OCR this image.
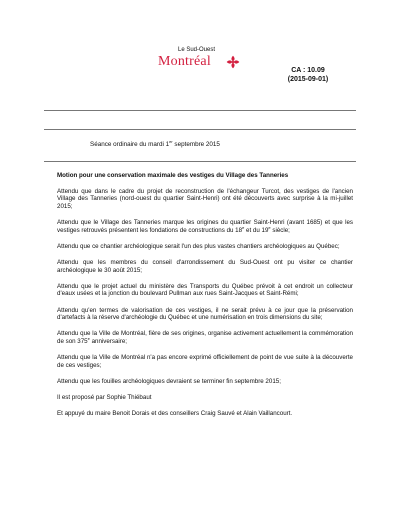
Le Sud-Ouest
Montréal
CA : 10.09
(2015-09-01)
Séance ordinaire du mardi 1er septembre 2015

Motion pour une conservation maximale des vestiges du Village des Tanneries

Attendu que dans le cadre du projet de reconstruction de l'échangeur Turcot, des vestiges de l'ancien Village des Tanneries (nord-ouest du quartier Saint-Henri) ont été découverts avec surprise à la mi-juillet 2015;

Attendu que le Village des Tanneries marque les origines du quartier Saint-Henri (avant 1685) et que les vestiges retrouvés présentent les fondations de constructions du 18e et du 19e siècle;

Attendu que ce chantier archéologique serait l'un des plus vastes chantiers archéologiques au Québec;

Attendu que les membres du conseil d'arrondissement du Sud-Ouest ont pu visiter ce chantier archéologique le 30 août 2015;

Attendu que le projet actuel du ministère des Transports du Québec prévoit à cet endroit un collecteur d'eaux usées et la jonction du boulevard Pullman aux rues Saint-Jacques et Saint-Rémi;

Attendu qu'en termes de valorisation de ces vestiges, il ne serait prévu à ce jour que la préservation d'artefacts à la réserve d'archéologie du Québec et une numérisation en trois dimensions du site;

Attendu que la Ville de Montréal, fière de ses origines, organise activement actuellement la commémoration de son 375e anniversaire;

Attendu que la Ville de Montréal n'a pas encore exprimé officiellement de point de vue suite à la découverte de ces vestiges;

Attendu que les fouilles archéologiques devraient se terminer fin septembre 2015;

Il est proposé par Sophie Thiébaut

Et appuyé du maire Benoit Dorais et des conseillers Craig Sauvé et Alain Vaillancourt.
